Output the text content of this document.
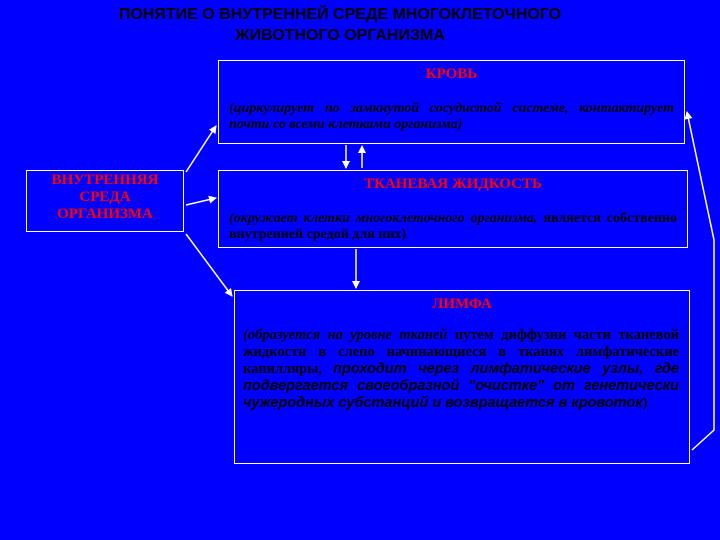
ПОНЯТИЕ О ВНУТРЕННЕЙ СРЕДЕ МНОГОКЛЕТОЧНОГО
ЖИВОТНОГО ОРГАНИЗМА
КРОВЬ
(циркулирует по замкнутой сосудистой системе, контактирует почти со всеми клетками организма)
ВНУТРЕННЯЯ
СРЕДА
ОРГАНИЗМА
ТКАНЕВАЯ ЖИДКОСТЬ
(окружает клетки многоклеточного организма, является собственно внутренней средой для них)
ЛИМФА
(образуется на уровне тканей путем диффузии части тканевой жидкости в слепо начинающиеся в тканях лимфатические капилляры, проходит через лимфатические узлы, где подвергается своеобразной "очистке" от генетически чужеродных субстанций и возвращается в кровоток)
